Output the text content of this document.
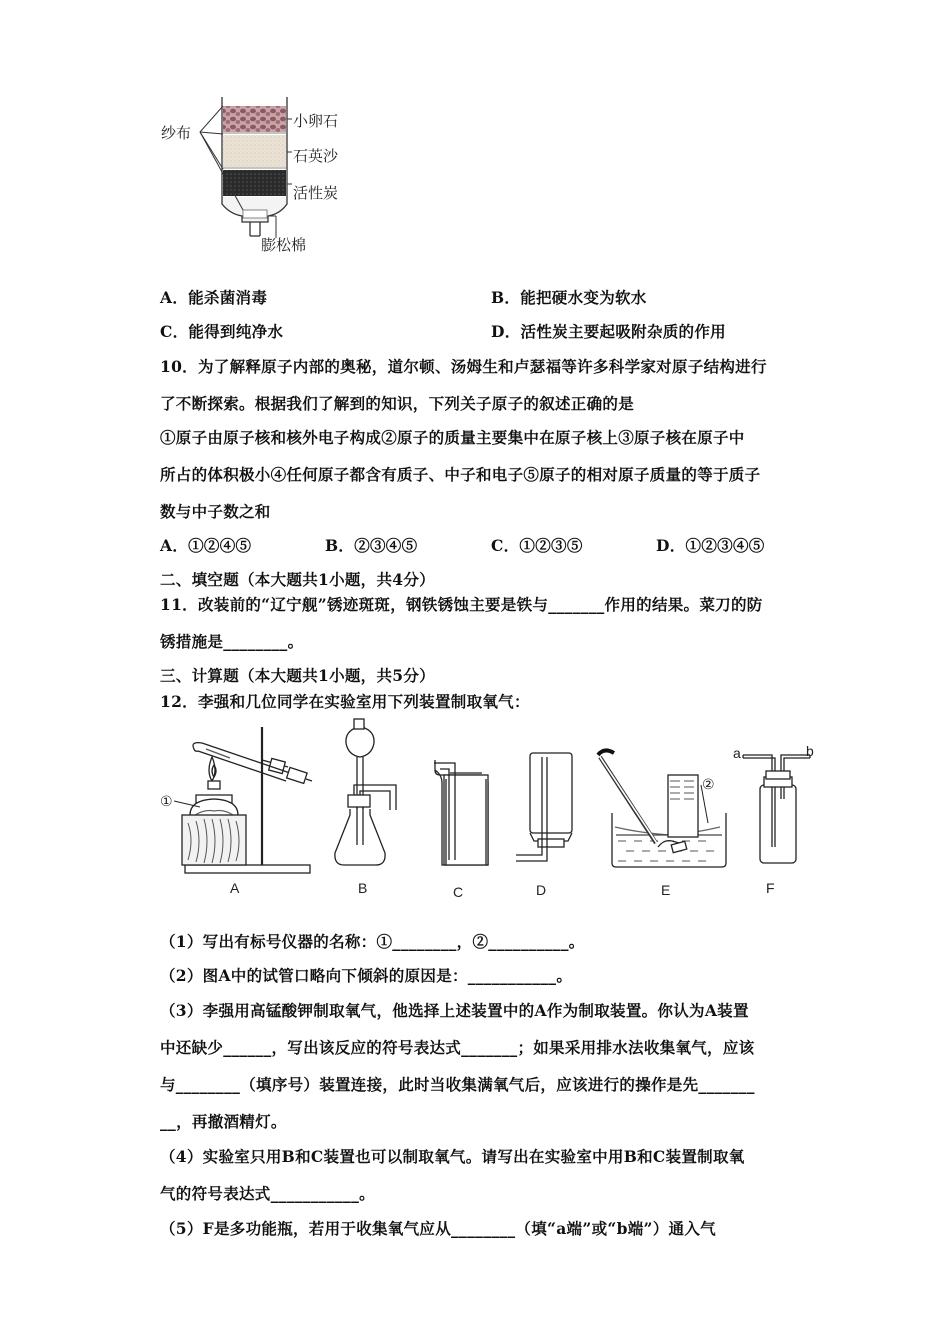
纱布
小卵石
石英沙
活性炭
膨松棉
A．能杀菌消毒	B．能把硬水变为软水
C．能得到纯净水	D．活性炭主要起吸附杂质的作用
10．为了解释原子内部的奥秘，道尔顿、汤姆生和卢瑟福等许多科学家对原子结构进行
了不断探索。根据我们了解到的知识，下列关子原子的叙述正确的是
①原子由原子核和核外电子构成②原子的质量主要集中在原子核上③原子核在原子中
所占的体积极小④任何原子都含有质子、中子和电子⑤原子的相对原子质量的等于质子
数与中子数之和
A．①②④⑤	B．②③④⑤	C．①②③⑤	D．①②③④⑤
二、填空题（本大题共1小题，共4分）
11．改装前的“辽宁舰”锈迹斑斑，钢铁锈蚀主要是铁与_______作用的结果。菜刀的防
锈措施是________。
三、计算题（本大题共1小题，共5分）
12．李强和几位同学在实验室用下列装置制取氧气：
①
②
a	b
A	B	C	D	E	F
（1）写出有标号仪器的名称：①________，②__________。
（2）图A中的试管口略向下倾斜的原因是：___________。
（3）李强用高锰酸钾制取氧气，他选择上述装置中的A作为制取装置。你认为A装置
中还缺少______，写出该反应的符号表达式_______；如果采用排水法收集氧气，应该
与________（填序号）装置连接，此时当收集满氧气后，应该进行的操作是先_______
__，再撤酒精灯。
（4）实验室只用B和C装置也可以制取氧气。请写出在实验室中用B和C装置制取氧
气的符号表达式___________。
（5）F是多功能瓶，若用于收集氧气应从________（填“a端”或“b端”）通入气
